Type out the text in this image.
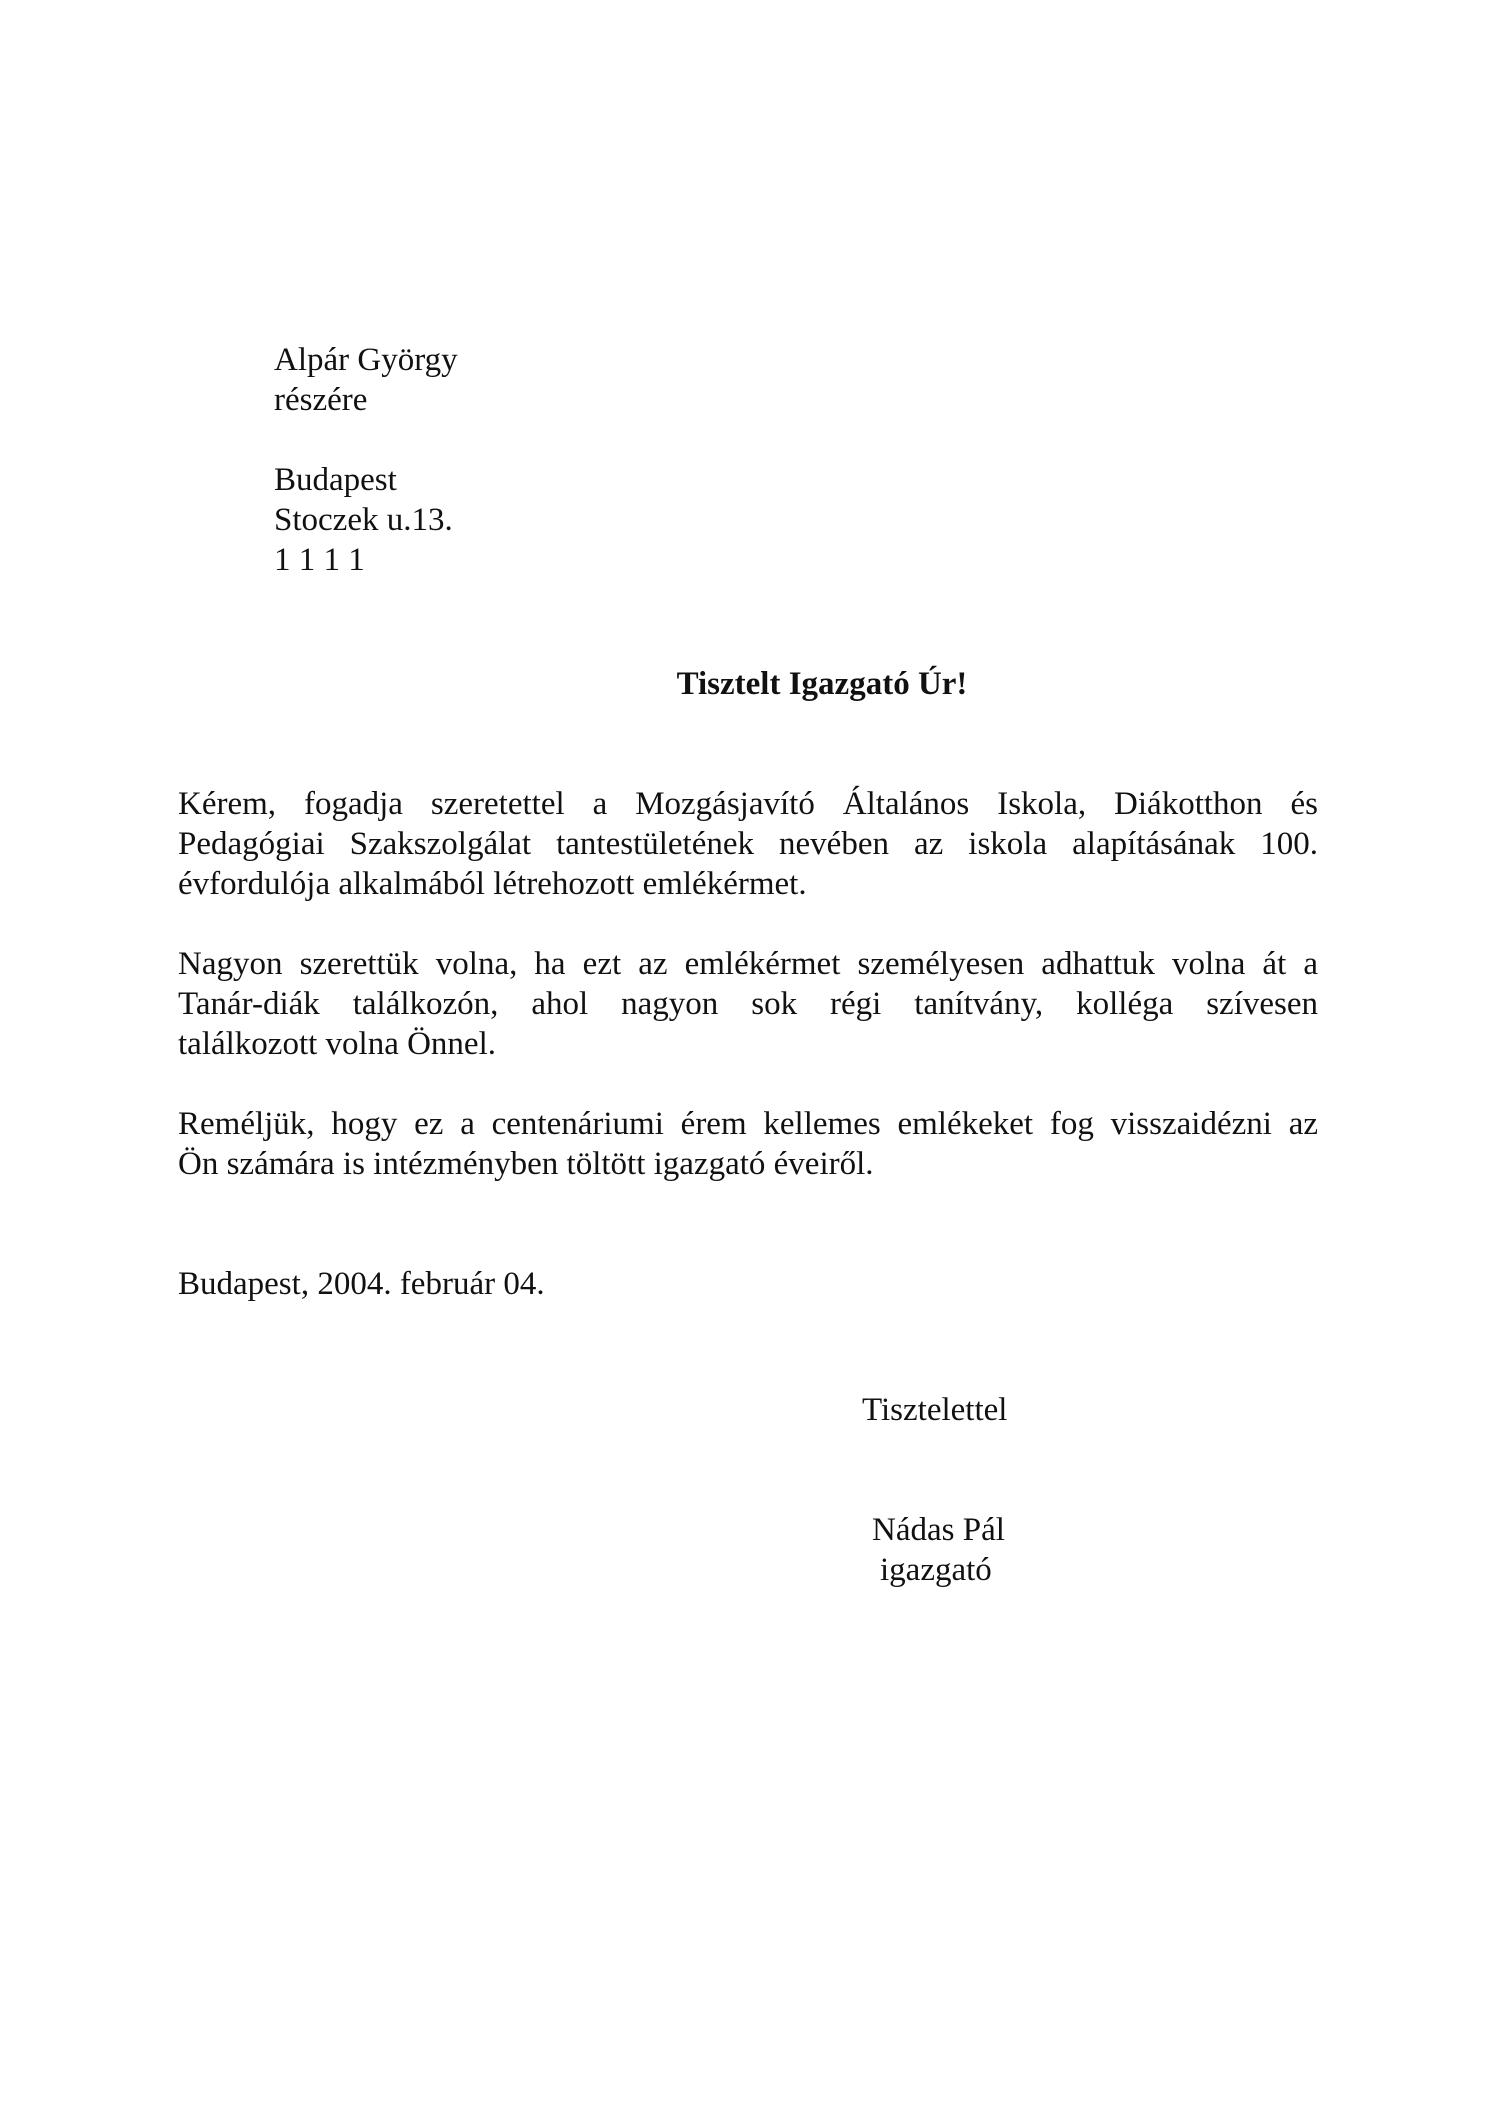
Alpár György
részére
Budapest
Stoczek u.13.
1 1 1 1
Tisztelt Igazgató Úr!
Kérem, fogadja szeretettel a Mozgásjavító Általános Iskola, Diákotthon és
Pedagógiai Szakszolgálat tantestületének nevében az iskola alapításának 100.
évfordulója alkalmából létrehozott emlékérmet.
Nagyon szerettük volna, ha ezt az emlékérmet személyesen adhattuk volna át a
Tanár-diák találkozón, ahol nagyon sok régi tanítvány, kolléga szívesen
találkozott volna Önnel.
Reméljük, hogy ez a centenáriumi érem kellemes emlékeket fog visszaidézni az
Ön számára is intézményben töltött igazgató éveiről.
Budapest, 2004. február 04.
Tisztelettel
Nádas Pál
igazgató
